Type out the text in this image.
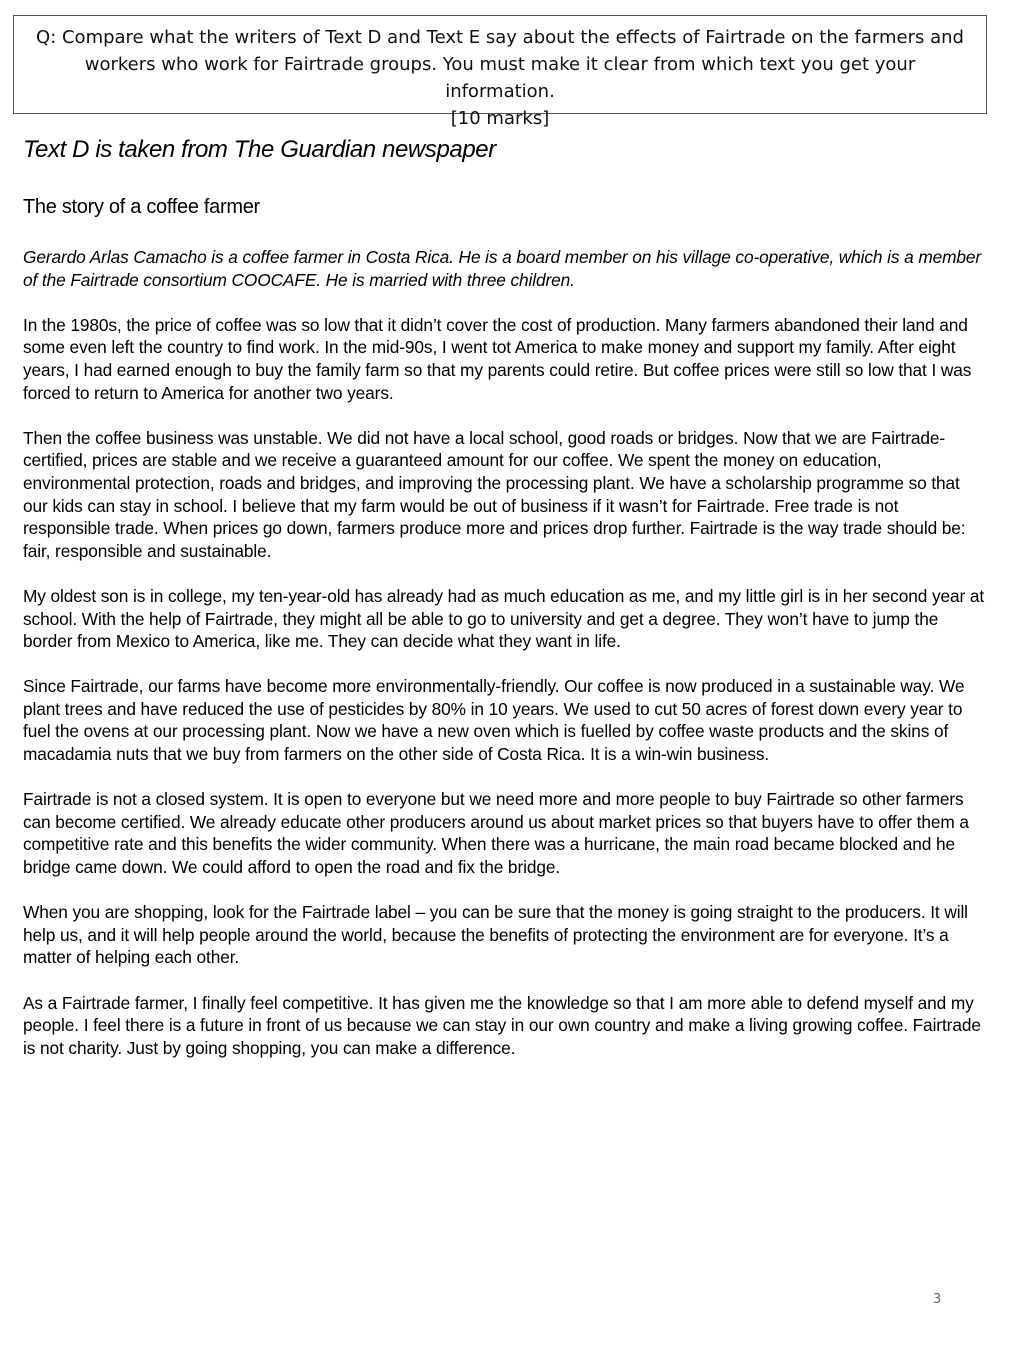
Q: Compare what the writers of Text D and Text E say about the effects of Fairtrade on the farmers and workers who work for Fairtrade groups. You must make it clear from which text you get your information.
[10 marks]
Text D is taken from The Guardian newspaper
The story of a coffee farmer

Gerardo Arlas Camacho is a coffee farmer in Costa Rica. He is a board member on his village co-operative, which is a member of the Fairtrade consortium COOCAFE. He is married with three children.

In the 1980s, the price of coffee was so low that it didn’t cover the cost of production. Many farmers abandoned their land and some even left the country to find work. In the mid-90s, I went tot America to make money and support my family. After eight years, I had earned enough to buy the family farm so that my parents could retire. But coffee prices were still so low that I was forced to return to America for another two years.

Then the coffee business was unstable. We did not have a local school, good roads or bridges. Now that we are Fairtrade-certified, prices are stable and we receive a guaranteed amount for our coffee. We spent the money on education, environmental protection, roads and bridges, and improving the processing plant. We have a scholarship programme so that our kids can stay in school. I believe that my farm would be out of business if it wasn’t for Fairtrade. Free trade is not responsible trade. When prices go down, farmers produce more and prices drop further. Fairtrade is the way trade should be: fair, responsible and sustainable.

My oldest son is in college, my ten-year-old has already had as much education as me, and my little girl is in her second year at school. With the help of Fairtrade, they might all be able to go to university and get a degree. They won’t have to jump the border from Mexico to America, like me. They can decide what they want in life.

Since Fairtrade, our farms have become more environmentally-friendly. Our coffee is now produced in a sustainable way. We plant trees and have reduced the use of pesticides by 80% in 10 years. We used to cut 50 acres of forest down every year to fuel the ovens at our processing plant. Now we have a new oven which is fuelled by coffee waste products and the skins of macadamia nuts that we buy from farmers on the other side of Costa Rica. It is a win-win business.

Fairtrade is not a closed system. It is open to everyone but we need more and more people to buy Fairtrade so other farmers can become certified. We already educate other producers around us about market prices so that buyers have to offer them a competitive rate and this benefits the wider community. When there was a hurricane, the main road became blocked and he bridge came down. We could afford to open the road and fix the bridge.

When you are shopping, look for the Fairtrade label – you can be sure that the money is going straight to the producers. It will help us, and it will help people around the world, because the benefits of protecting the environment are for everyone. It’s a matter of helping each other.

As a Fairtrade farmer, I finally feel competitive. It has given me the knowledge so that I am more able to defend myself and my people. I feel there is a future in front of us because we can stay in our own country and make a living growing coffee. Fairtrade is not charity. Just by going shopping, you can make a difference.

3
